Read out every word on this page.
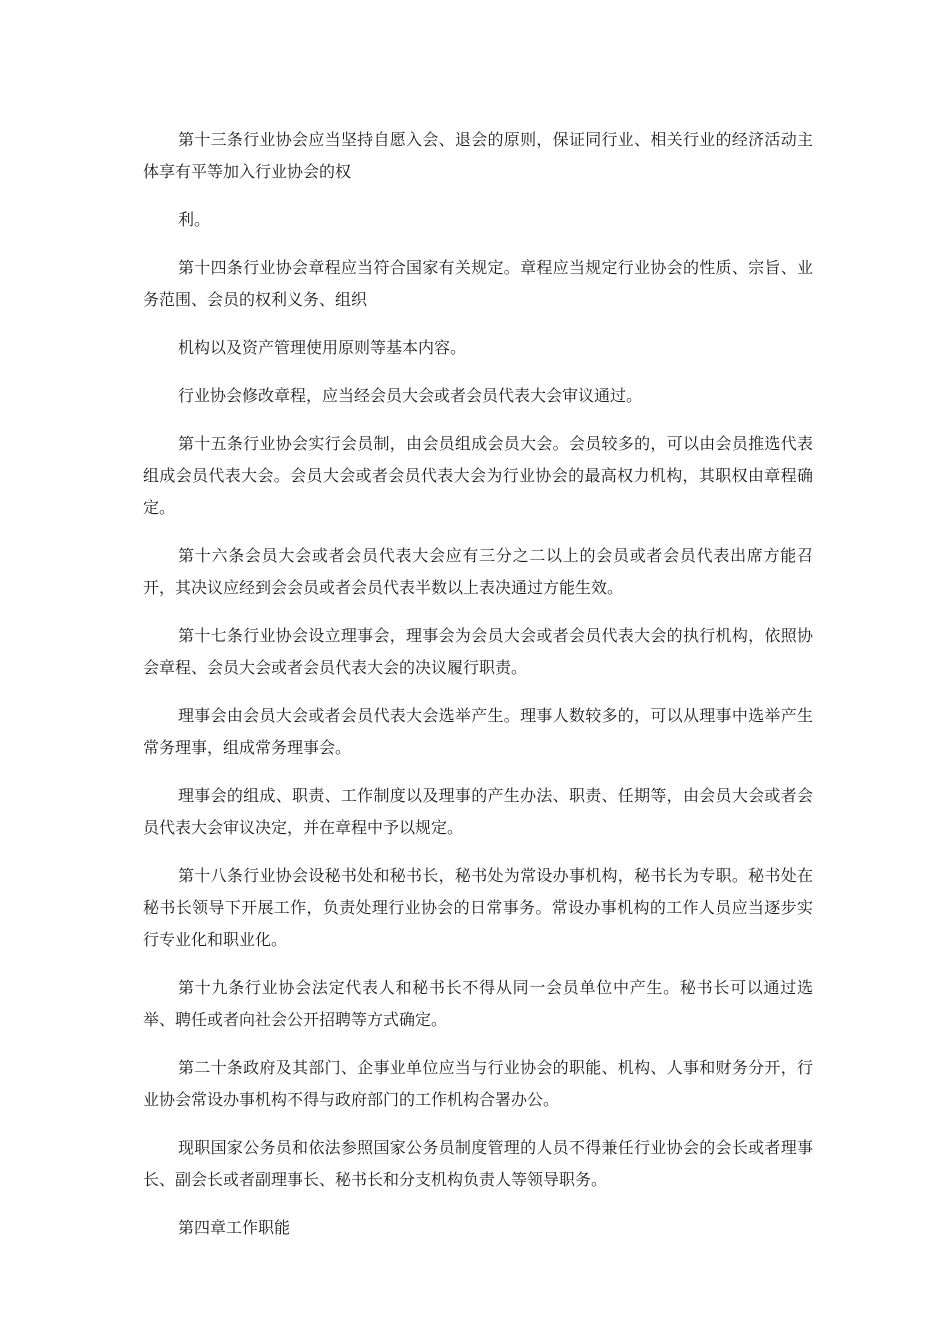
第十三条行业协会应当坚持自愿入会、退会的原则，保证同行业、相关行业的经济活动主体享有平等加入行业协会的权

利。

第十四条行业协会章程应当符合国家有关规定。章程应当规定行业协会的性质、宗旨、业务范围、会员的权利义务、组织

机构以及资产管理使用原则等基本内容。

行业协会修改章程，应当经会员大会或者会员代表大会审议通过。

第十五条行业协会实行会员制，由会员组成会员大会。会员较多的，可以由会员推选代表组成会员代表大会。会员大会或者会员代表大会为行业协会的最高权力机构，其职权由章程确定。

第十六条会员大会或者会员代表大会应有三分之二以上的会员或者会员代表出席方能召开，其决议应经到会会员或者会员代表半数以上表决通过方能生效。

第十七条行业协会设立理事会，理事会为会员大会或者会员代表大会的执行机构，依照协会章程、会员大会或者会员代表大会的决议履行职责。

理事会由会员大会或者会员代表大会选举产生。理事人数较多的，可以从理事中选举产生常务理事，组成常务理事会。

理事会的组成、职责、工作制度以及理事的产生办法、职责、任期等，由会员大会或者会员代表大会审议决定，并在章程中予以规定。

第十八条行业协会设秘书处和秘书长，秘书处为常设办事机构，秘书长为专职。秘书处在秘书长领导下开展工作，负责处理行业协会的日常事务。常设办事机构的工作人员应当逐步实行专业化和职业化。

第十九条行业协会法定代表人和秘书长不得从同一会员单位中产生。秘书长可以通过选举、聘任或者向社会公开招聘等方式确定。

第二十条政府及其部门、企事业单位应当与行业协会的职能、机构、人事和财务分开，行业协会常设办事机构不得与政府部门的工作机构合署办公。

现职国家公务员和依法参照国家公务员制度管理的人员不得兼任行业协会的会长或者理事长、副会长或者副理事长、秘书长和分支机构负责人等领导职务。

第四章工作职能
